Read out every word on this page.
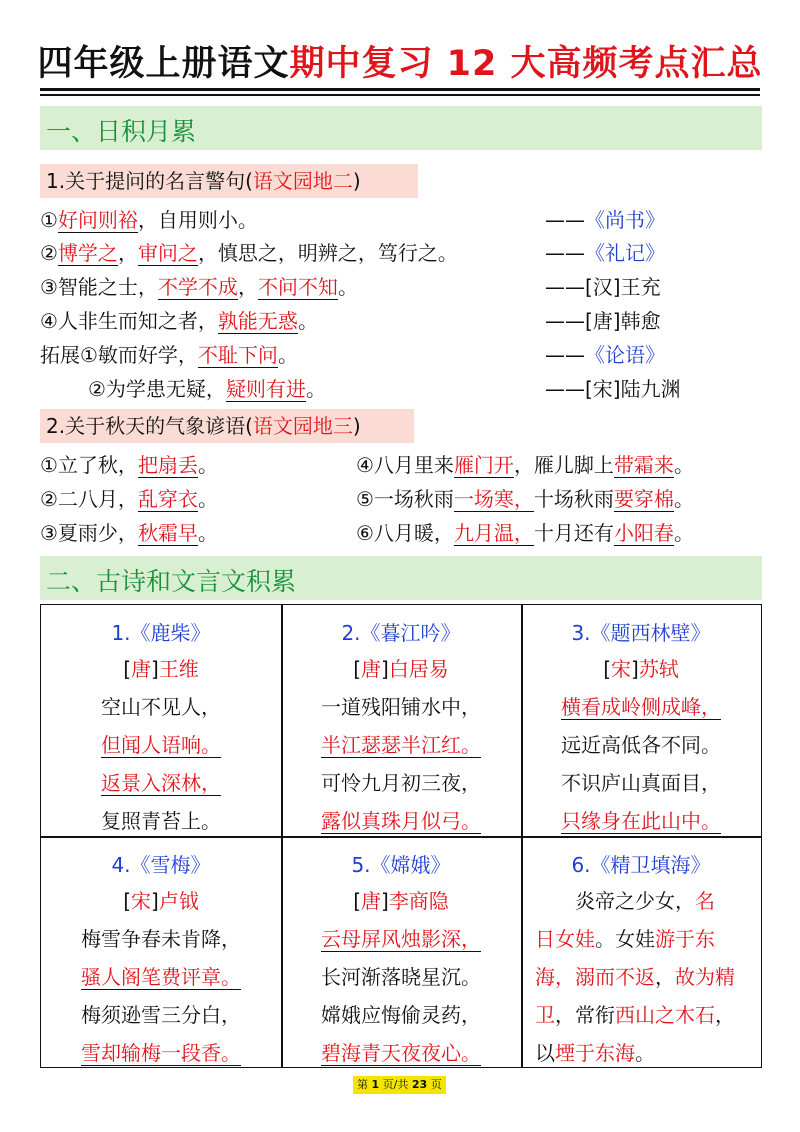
四年级上册语文期中复习 12 大高频考点汇总
一、日积月累
1.关于提问的名言警句(语文园地二)
①好问则裕，自用则小。	——《尚书》
②博学之，审问之，慎思之，明辨之，笃行之。	——《礼记》
③智能之士，不学不成，不问不知。	——[汉]王充
④人非生而知之者，孰能无惑。	——[唐]韩愈
拓展①敏而好学，不耻下问。	——《论语》
②为学患无疑，疑则有进。	——[宋]陆九渊
2.关于秋天的气象谚语(语文园地三)
①立了秋，把扇丢。
②二八月，乱穿衣。
③夏雨少，秋霜早。
④八月里来雁门开，雁儿脚上带霜来。
⑤一场秋雨一场寒，十场秋雨要穿棉。
⑥八月暖，九月温，十月还有小阳春。
二、古诗和文言文积累
1.《鹿柴》
[唐]王维
空山不见人，
但闻人语响。
返景入深林，
复照青苔上。
2.《暮江吟》
[唐]白居易
一道残阳铺水中，
半江瑟瑟半江红。
可怜九月初三夜，
露似真珠月似弓。
3.《题西林壁》
[宋]苏轼
横看成岭侧成峰，
远近高低各不同。
不识庐山真面目，
只缘身在此山中。
4.《雪梅》
[宋]卢钺
梅雪争春未肯降，
骚人阁笔费评章。
梅须逊雪三分白，
雪却输梅一段香。
5.《嫦娥》
[唐]李商隐
云母屏风烛影深，
长河渐落晓星沉。
嫦娥应悔偷灵药，
碧海青天夜夜心。
6.《精卫填海》
炎帝之少女，名
日女娃。女娃游于东
海，溺而不返，故为精
卫，常衔西山之木石，
以堙于东海。
第 1 页/共 23 页
